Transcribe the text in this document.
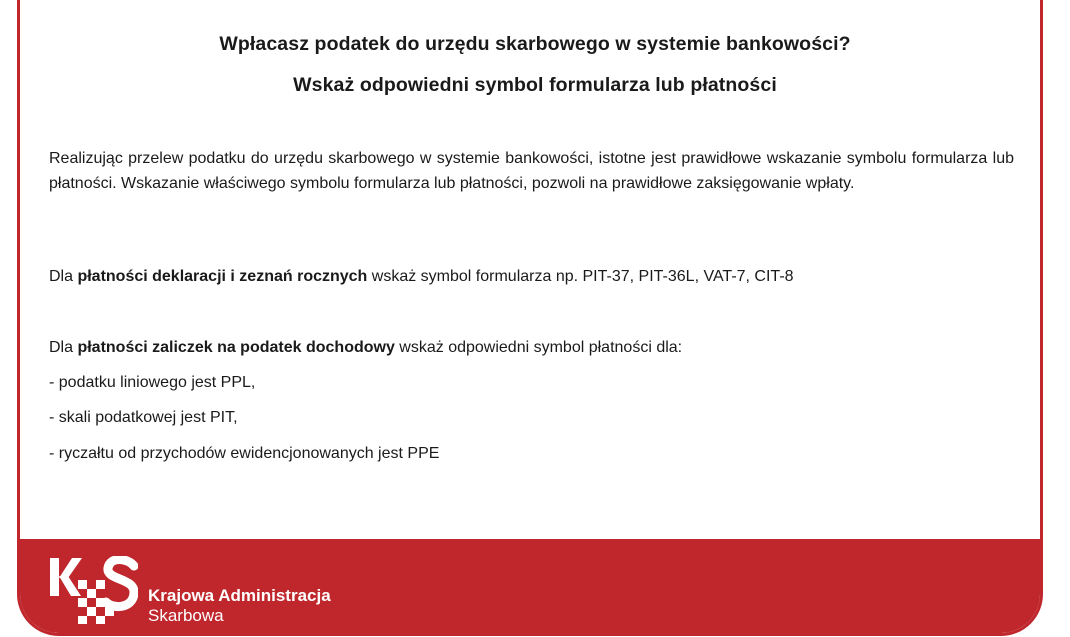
Wpłacasz podatek do urzędu skarbowego w systemie bankowości?
Wskaż odpowiedni symbol formularza lub płatności
Realizując przelew podatku do urzędu skarbowego w systemie bankowości, istotne jest prawidłowe wskazanie symbolu formularza lub płatności. Wskazanie właściwego symbolu formularza lub płatności, pozwoli na prawidłowe zaksięgowanie wpłaty.
Dla płatności deklaracji i zeznań rocznych wskaż symbol formularza np. PIT-37, PIT-36L, VAT-7, CIT-8
Dla płatności zaliczek na podatek dochodowy wskaż odpowiedni symbol płatności dla:
- podatku liniowego jest PPL,
- skali podatkowej jest PIT,
- ryczałtu od przychodów ewidencjonowanych jest PPE
Krajowa Administracja
Skarbowa
